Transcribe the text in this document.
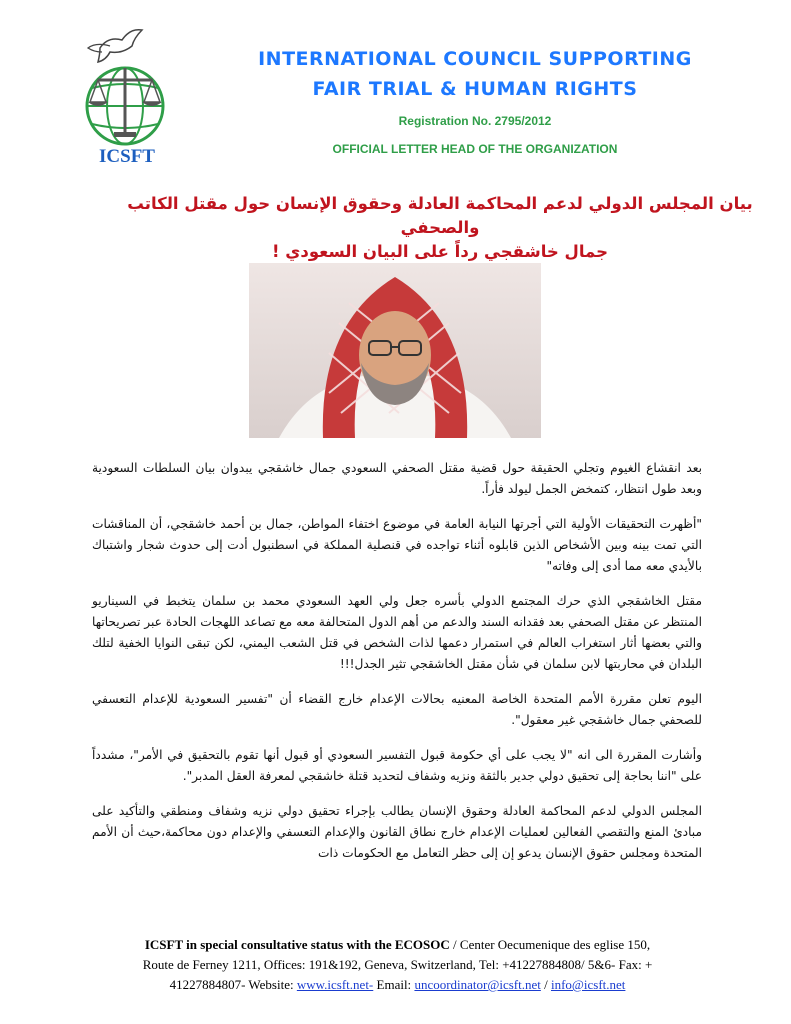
ICSFT
INTERNATIONAL COUNCIL SUPPORTING
FAIR TRIAL & HUMAN RIGHTS
Registration No. 2795/2012
OFFICIAL LETTER HEAD OF THE ORGANIZATION
بيان المجلس الدولي لدعم المحاكمة العادلة وحقوق الإنسان حول مقتل الكاتب والصحفي
جمال خاشقجي رداً على البيان السعودي !

بعد انقشاع الغيوم وتجلي الحقيقة حول قضية مقتل الصحفي السعودي جمال خاشقجي يبدوان بيان السلطات السعودية وبعد طول انتظار، كتمخض الجمل ليولد فأراً.

"أظهرت التحقيقات الأولية التي أجرتها النيابة العامة في موضوع اختفاء المواطن، جمال بن أحمد خاشقجي، أن المناقشات التي تمت بينه وبين الأشخاص الذين قابلوه أثناء تواجده في قنصلية المملكة في اسطنبول أدت إلى حدوث شجار واشتباك بالأيدي معه مما أدى إلى وفاته"

مقتل الخاشقجي الذي حرك المجتمع الدولي بأسره جعل ولي العهد السعودي محمد بن سلمان يتخبط في السيناريو المنتظر عن مقتل الصحفي بعد فقدانه السند والدعم من أهم الدول المتحالفة معه مع تصاعد اللهجات الحادة عبر تصريحاتها والتي بعضها أثار استغراب العالم في استمرار دعمها لذات الشخص في قتل الشعب اليمني، لكن تبقى النوايا الخفية لتلك البلدان في محاربتها لابن سلمان في شأن مقتل الخاشقجي تثير الجدل!!!

اليوم تعلن مقررة الأمم المتحدة الخاصة المعنيه بحالات الإعدام خارج القضاء أن "تفسير السعودية للإعدام التعسفي للصحفي جمال خاشقجي غير معقول".

وأشارت المقررة الى انه "لا يجب على أي حكومة قبول التفسير السعودي أو قبول أنها تقوم بالتحقيق في الأمر"، مشدداً على "اننا بحاجة إلى تحقيق دولي جدير بالثقة ونزيه وشفاف لتحديد قتلة خاشقجي لمعرفة العقل المدبر".

المجلس الدولي لدعم المحاكمة العادلة وحقوق الإنسان يطالب بإجراء تحقيق دولي نزيه وشفاف ومنطقي والتأكيد على مبادئ المنع والتقصي الفعالين لعمليات الإعدام خارج نطاق القانون والإعدام التعسفي والإعدام دون محاكمة،حيث أن الأمم المتحدة ومجلس حقوق الإنسان يدعو إن إلى حظر التعامل مع الحكومات ذات

ICSFT in special consultative status with the ECOSOC / Center Oecumenique des eglise 150,
Route de Ferney 1211, Offices: 191&192, Geneva, Switzerland, Tel: +41227884808/ 5&6- Fax: +
41227884807- Website: www.icsft.net- Email: uncoordinator@icsft.net / info@icsft.net
